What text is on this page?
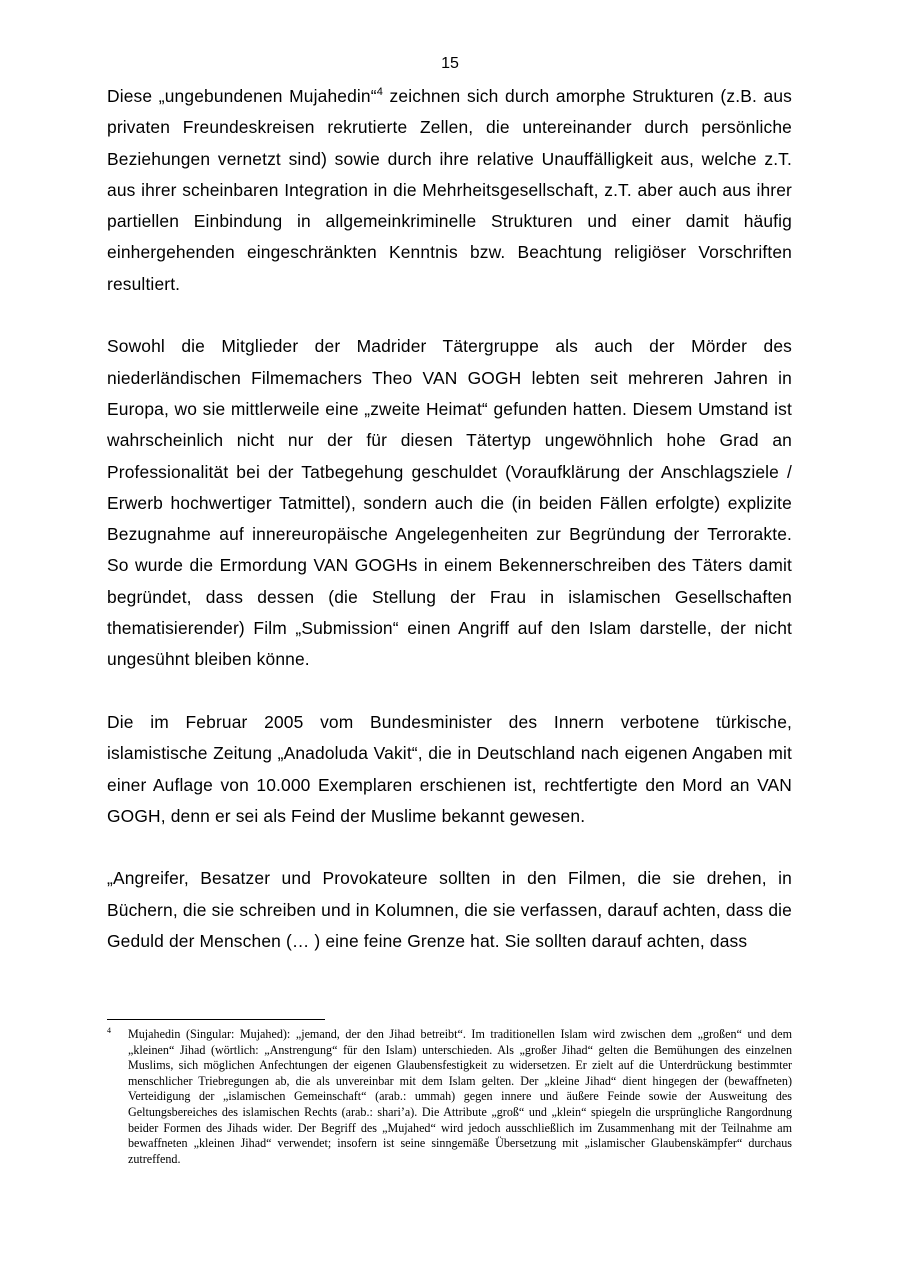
15

Diese „ungebundenen Mujahedin“$^4$ zeichnen sich durch amorphe Strukturen (z.B. aus privaten Freundeskreisen rekrutierte Zellen, die untereinander durch persönliche Beziehungen vernetzt sind) sowie durch ihre relative Unauffälligkeit aus, welche z.T. aus ihrer scheinbaren Integration in die Mehrheitsgesellschaft, z.T. aber auch aus ihrer partiellen Einbindung in allgemeinkriminelle Strukturen und einer damit häufig einhergehenden eingeschränkten Kenntnis bzw. Beachtung religiöser Vorschriften resultiert.

Sowohl die Mitglieder der Madrider Tätergruppe als auch der Mörder des niederländischen Filmemachers Theo VAN GOGH lebten seit mehreren Jahren in Europa, wo sie mittlerweile eine „zweite Heimat“ gefunden hatten. Diesem Umstand ist wahrscheinlich nicht nur der für diesen Tätertyp ungewöhnlich hohe Grad an Professionalität bei der Tatbegehung geschuldet (Voraufklärung der Anschlagsziele / Erwerb hochwertiger Tatmittel), sondern auch die (in beiden Fällen erfolgte) explizite Bezugnahme auf innereuropäische Angelegenheiten zur Begründung der Terrorakte. So wurde die Ermordung VAN GOGHs in einem Bekennerschreiben des Täters damit begründet, dass dessen (die Stellung der Frau in islamischen Gesellschaften thematisierender) Film „Submission“ einen Angriff auf den Islam darstelle, der nicht ungesühnt bleiben könne.

Die im Februar 2005 vom Bundesminister des Innern verbotene türkische, islamistische Zeitung „Anadoluda Vakit“, die in Deutschland nach eigenen Angaben mit einer Auflage von 10.000 Exemplaren erschienen ist, rechtfertigte den Mord an VAN GOGH, denn er sei als Feind der Muslime bekannt gewesen.

„Angreifer, Besatzer und Provokateure sollten in den Filmen, die sie drehen, in Büchern, die sie schreiben und in Kolumnen, die sie verfassen, darauf achten, dass die Geduld der Menschen (… ) eine feine Grenze hat. Sie sollten darauf achten, dass

4 Mujahedin (Singular: Mujahed): „jemand, der den Jihad betreibt“. Im traditionellen Islam wird zwischen dem „großen“ und dem „kleinen“ Jihad (wörtlich: „Anstrengung“ für den Islam) unterschieden. Als „großer Jihad“ gelten die Bemühungen des einzelnen Muslims, sich möglichen Anfechtungen der eigenen Glaubensfestigkeit zu widersetzen. Er zielt auf die Unterdrückung bestimmter menschlicher Triebregungen ab, die als unvereinbar mit dem Islam gelten. Der „kleine Jihad“ dient hingegen der (bewaffneten) Verteidigung der „islamischen Gemeinschaft“ (arab.: ummah) gegen innere und äußere Feinde sowie der Ausweitung des Geltungsbereiches des islamischen Rechts (arab.: shari’a). Die Attribute „groß“ und „klein“ spiegeln die ursprüngliche Rangordnung beider Formen des Jihads wider. Der Begriff des „Mujahed“ wird jedoch ausschließlich im Zusammenhang mit der Teilnahme am bewaffneten „kleinen Jihad“ verwendet; insofern ist seine sinngemäße Übersetzung mit „islamischer Glaubenskämpfer“ durchaus zutreffend.
